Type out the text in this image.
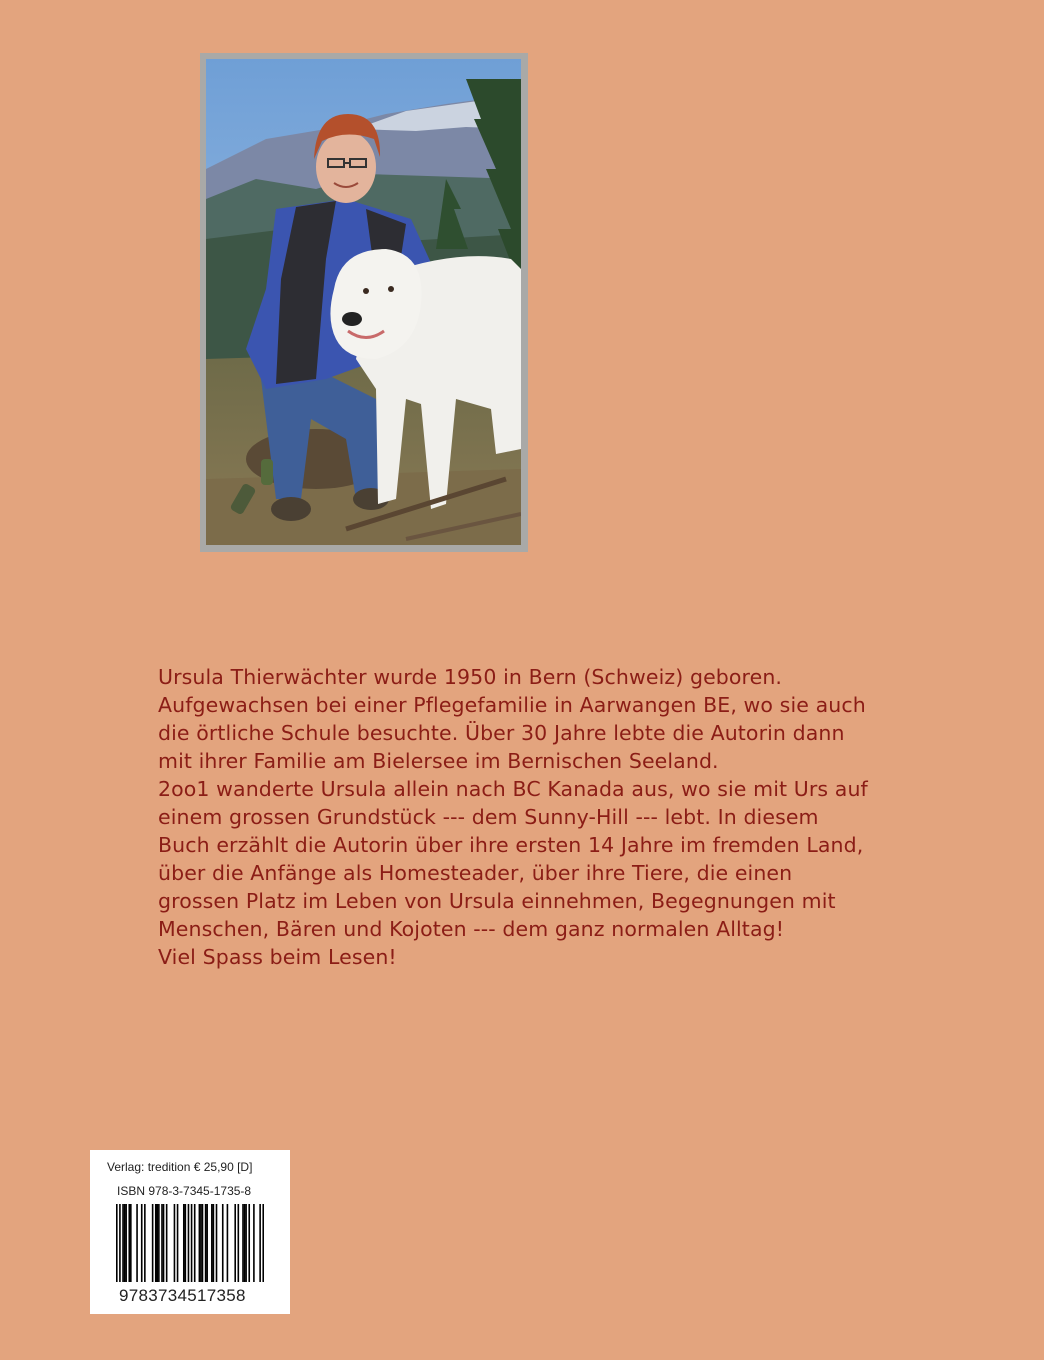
Ursula Thierwächter wurde 1950 in Bern (Schweiz) geboren.
Aufgewachsen bei einer Pflegefamilie in Aarwangen BE, wo sie auch
die örtliche Schule besuchte. Über 30 Jahre lebte die Autorin dann
mit ihrer Familie am Bielersee im Bernischen Seeland.
2oo1 wanderte Ursula allein nach BC Kanada aus, wo sie mit Urs auf
einem grossen Grundstück --- dem Sunny-Hill --- lebt. In diesem
Buch erzählt die Autorin über ihre ersten 14 Jahre im fremden Land,
über die Anfänge als Homesteader, über ihre Tiere, die einen
grossen Platz im Leben von Ursula einnehmen, Begegnungen mit
Menschen, Bären und Kojoten --- dem ganz normalen Alltag!
Viel Spass beim Lesen!
Verlag: tredition € 25,90 [D]
ISBN 978-3-7345-1735-8
9783734517358
